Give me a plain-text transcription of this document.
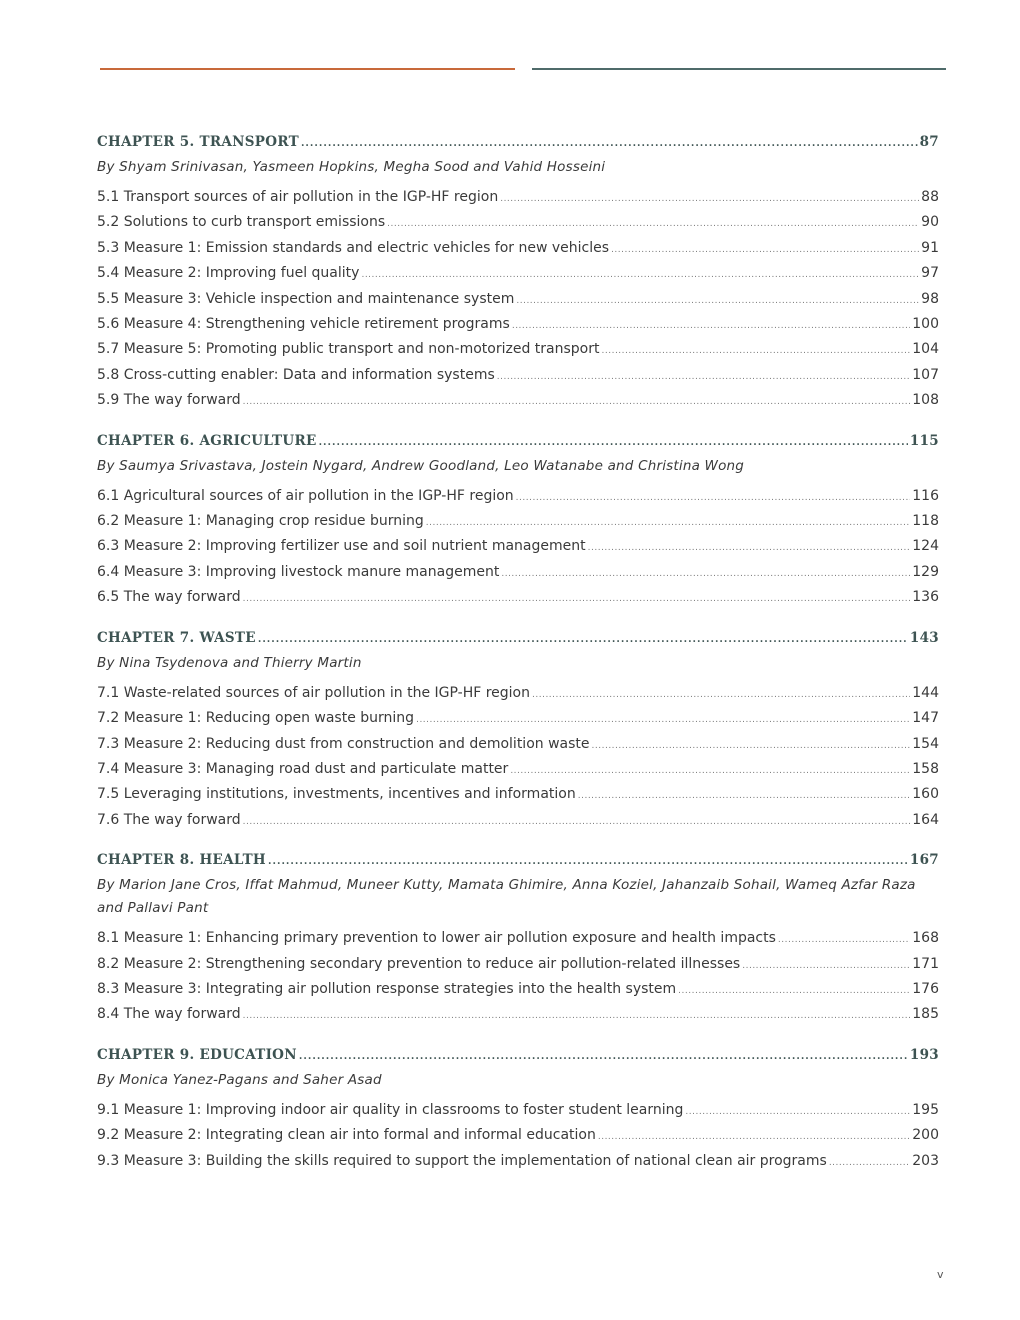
CHAPTER 5. TRANSPORT .....	87
By Shyam Srinivasan, Yasmeen Hopkins, Megha Sood and Vahid Hosseini
5.1 Transport sources of air pollution in the IGP-HF region .....	88
5.2 Solutions to curb transport emissions .....	90
5.3 Measure 1: Emission standards and electric vehicles for new vehicles .....	91
5.4 Measure 2: Improving fuel quality .....	97
5.5 Measure 3: Vehicle inspection and maintenance system .....	98
5.6 Measure 4: Strengthening vehicle retirement programs .....	100
5.7 Measure 5: Promoting public transport and non-motorized transport .....	104
5.8 Cross-cutting enabler: Data and information systems .....	107
5.9 The way forward .....	108
CHAPTER 6. AGRICULTURE .....	115
By Saumya Srivastava, Jostein Nygard, Andrew Goodland, Leo Watanabe and Christina Wong
6.1 Agricultural sources of air pollution in the IGP-HF region .....	116
6.2 Measure 1: Managing crop residue burning .....	118
6.3 Measure 2: Improving fertilizer use and soil nutrient management .....	124
6.4 Measure 3: Improving livestock manure management .....	129
6.5 The way forward .....	136
CHAPTER 7. WASTE .....	143
By Nina Tsydenova and Thierry Martin
7.1 Waste-related sources of air pollution in the IGP-HF region .....	144
7.2 Measure 1: Reducing open waste burning .....	147
7.3 Measure 2: Reducing dust from construction and demolition waste .....	154
7.4 Measure 3: Managing road dust and particulate matter .....	158
7.5 Leveraging institutions, investments, incentives and information .....	160
7.6 The way forward .....	164
CHAPTER 8. HEALTH .....	167
By Marion Jane Cros, Iffat Mahmud, Muneer Kutty, Mamata Ghimire, Anna Koziel, Jahanzaib Sohail, Wameq Azfar Raza and Pallavi Pant
8.1 Measure 1: Enhancing primary prevention to lower air pollution exposure and health impacts .....	168
8.2 Measure 2: Strengthening secondary prevention to reduce air pollution-related illnesses .....	171
8.3 Measure 3: Integrating air pollution response strategies into the health system .....	176
8.4 The way forward .....	185
CHAPTER 9. EDUCATION .....	193
By Monica Yanez-Pagans and Saher Asad
9.1 Measure 1: Improving indoor air quality in classrooms to foster student learning .....	195
9.2 Measure 2: Integrating clean air into formal and informal education .....	200
9.3 Measure 3: Building the skills required to support the implementation of national clean air programs .....	203
v
